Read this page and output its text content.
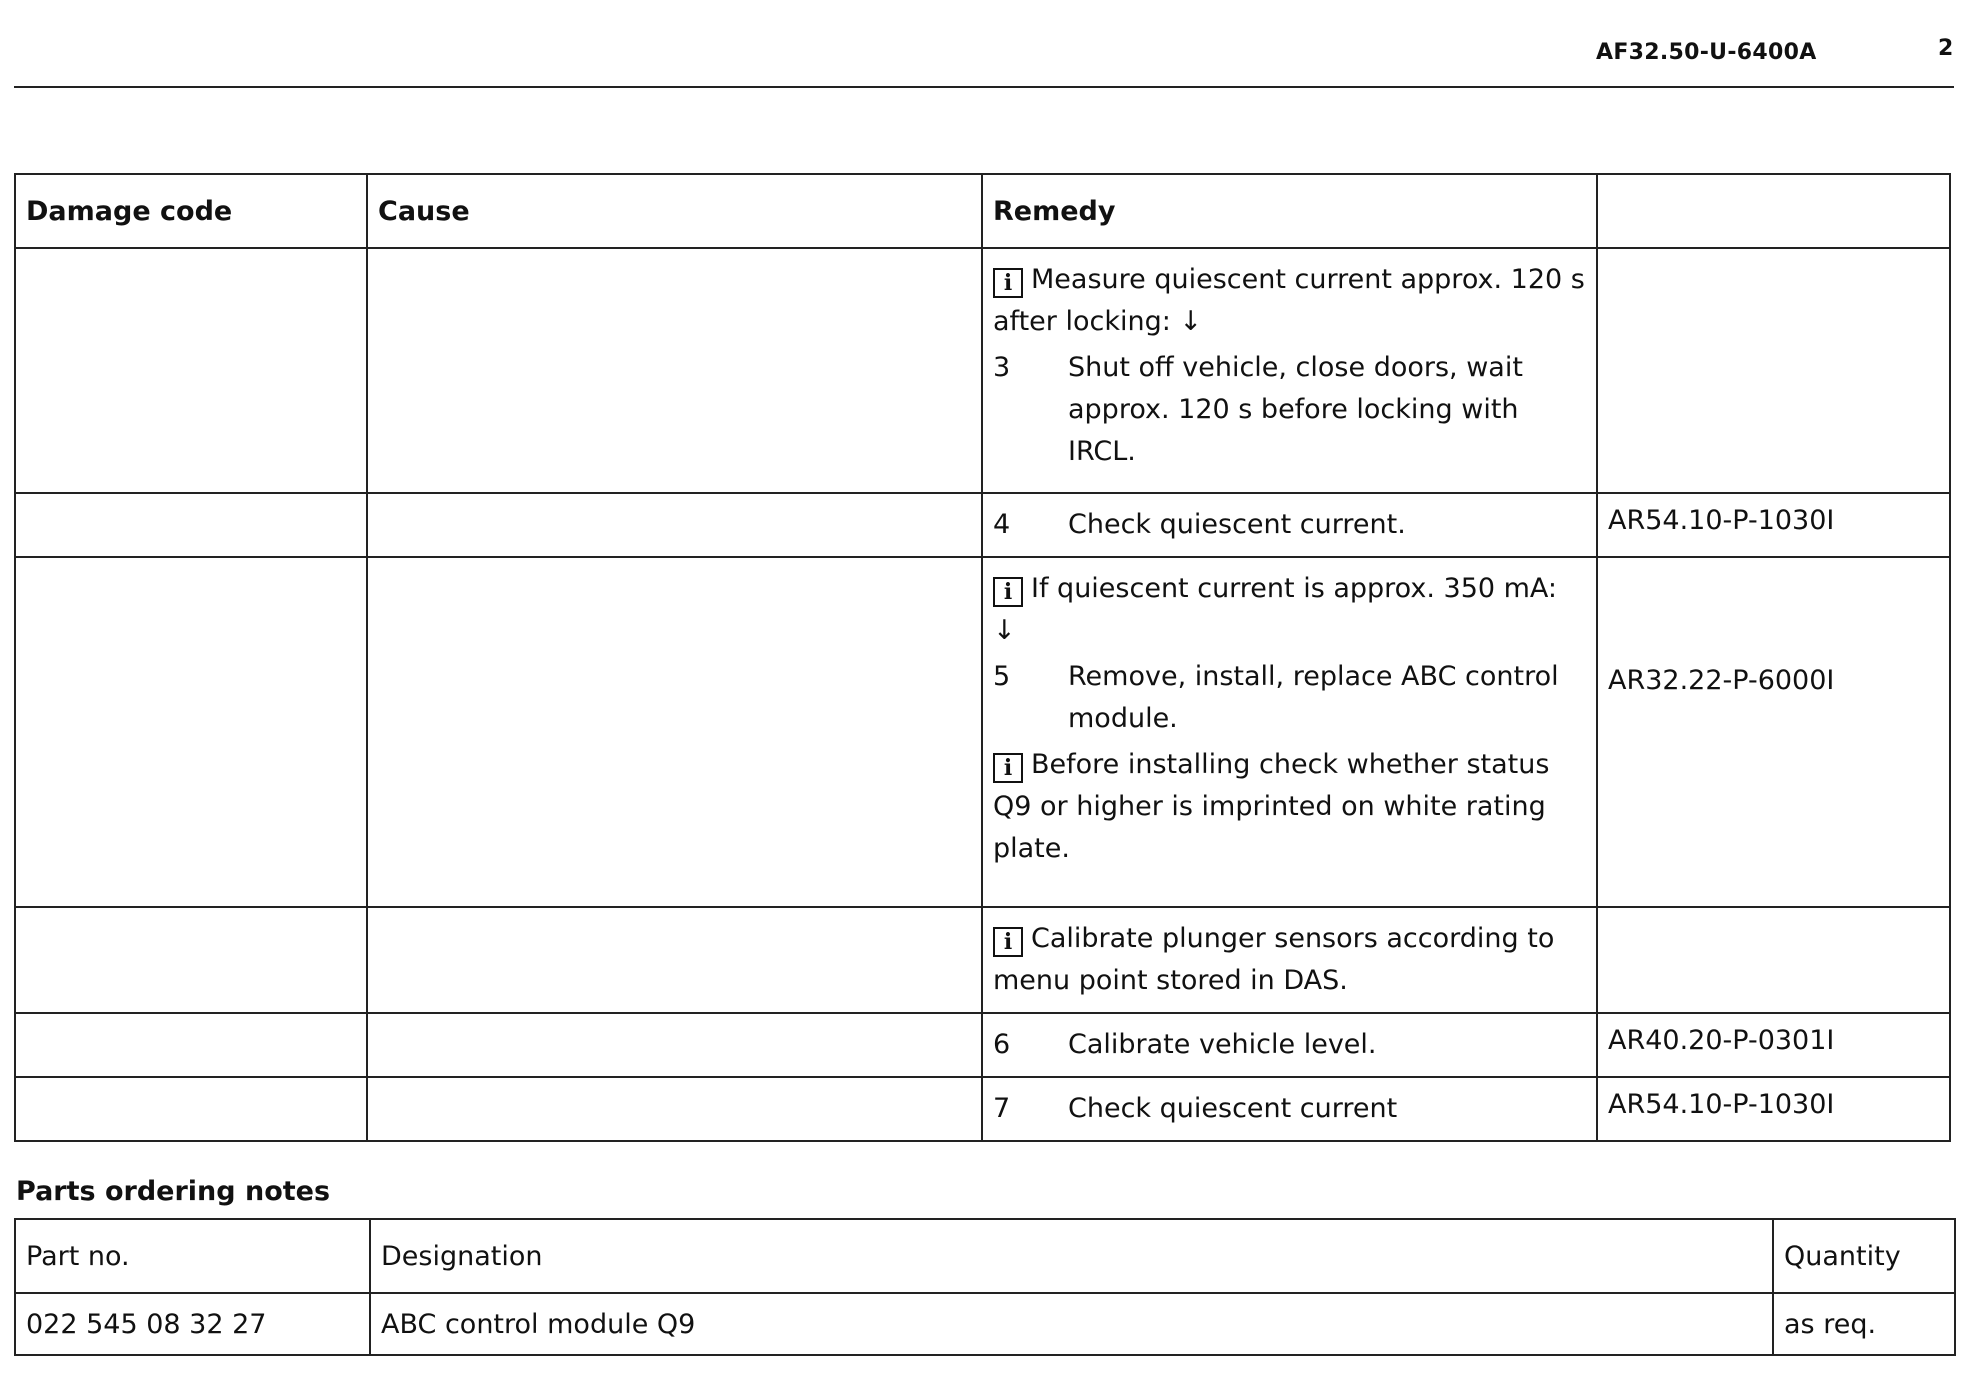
AF32.50-U-6400A	2
Damage code	Cause	Remedy	

		i Measure quiescent current approx. 120 s after locking: ↓
3 Shut off vehicle, close doors, wait approx. 120 s before locking with IRCL.	

		4 Check quiescent current.	AR54.10-P-1030I

		i If quiescent current is approx. 350 mA: ↓
5 Remove, install, replace ABC control module.
i Before installing check whether status Q9 or higher is imprinted on white rating plate.	AR32.22-P-6000I

		i Calibrate plunger sensors according to menu point stored in DAS.	

		6 Calibrate vehicle level.	AR40.20-P-0301I

		7 Check quiescent current	AR54.10-P-1030I
Parts ordering notes
Part no.	Designation	Quantity
022 545 08 32 27	ABC control module Q9	as req.
